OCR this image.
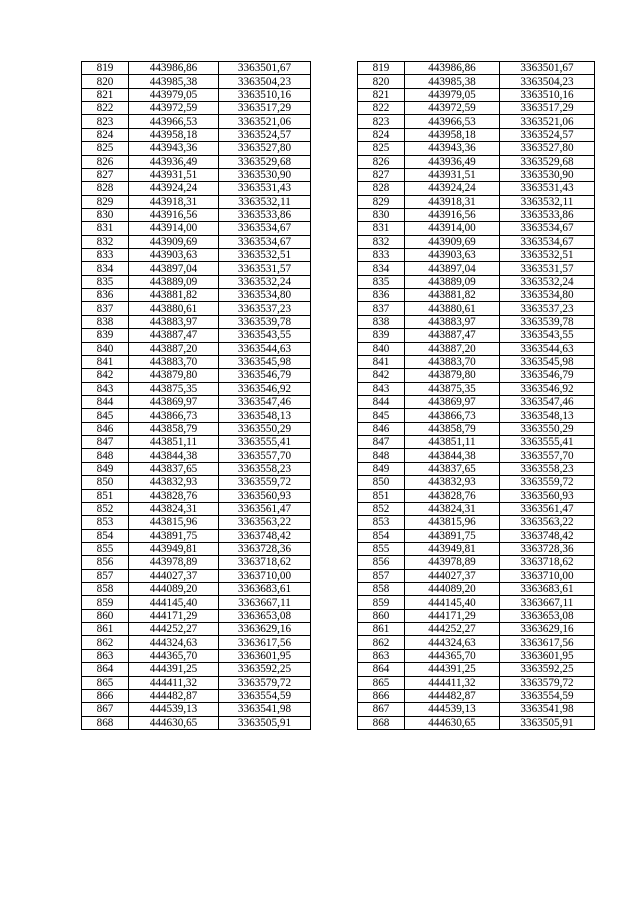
819	443986,86	3363501,67
820	443985,38	3363504,23
821	443979,05	3363510,16
822	443972,59	3363517,29
823	443966,53	3363521,06
824	443958,18	3363524,57
825	443943,36	3363527,80
826	443936,49	3363529,68
827	443931,51	3363530,90
828	443924,24	3363531,43
829	443918,31	3363532,11
830	443916,56	3363533,86
831	443914,00	3363534,67
832	443909,69	3363534,67
833	443903,63	3363532,51
834	443897,04	3363531,57
835	443889,09	3363532,24
836	443881,82	3363534,80
837	443880,61	3363537,23
838	443883,97	3363539,78
839	443887,47	3363543,55
840	443887,20	3363544,63
841	443883,70	3363545,98
842	443879,80	3363546,79
843	443875,35	3363546,92
844	443869,97	3363547,46
845	443866,73	3363548,13
846	443858,79	3363550,29
847	443851,11	3363555,41
848	443844,38	3363557,70
849	443837,65	3363558,23
850	443832,93	3363559,72
851	443828,76	3363560,93
852	443824,31	3363561,47
853	443815,96	3363563,22
854	443891,75	3363748,42
855	443949,81	3363728,36
856	443978,89	3363718,62
857	444027,37	3363710,00
858	444089,20	3363683,61
859	444145,40	3363667,11
860	444171,29	3363653,08
861	444252,27	3363629,16
862	444324,63	3363617,56
863	444365,70	3363601,95
864	444391,25	3363592,25
865	444411,32	3363579,72
866	444482,87	3363554,59
867	444539,13	3363541,98
868	444630,65	3363505,91
819	443986,86	3363501,67
820	443985,38	3363504,23
821	443979,05	3363510,16
822	443972,59	3363517,29
823	443966,53	3363521,06
824	443958,18	3363524,57
825	443943,36	3363527,80
826	443936,49	3363529,68
827	443931,51	3363530,90
828	443924,24	3363531,43
829	443918,31	3363532,11
830	443916,56	3363533,86
831	443914,00	3363534,67
832	443909,69	3363534,67
833	443903,63	3363532,51
834	443897,04	3363531,57
835	443889,09	3363532,24
836	443881,82	3363534,80
837	443880,61	3363537,23
838	443883,97	3363539,78
839	443887,47	3363543,55
840	443887,20	3363544,63
841	443883,70	3363545,98
842	443879,80	3363546,79
843	443875,35	3363546,92
844	443869,97	3363547,46
845	443866,73	3363548,13
846	443858,79	3363550,29
847	443851,11	3363555,41
848	443844,38	3363557,70
849	443837,65	3363558,23
850	443832,93	3363559,72
851	443828,76	3363560,93
852	443824,31	3363561,47
853	443815,96	3363563,22
854	443891,75	3363748,42
855	443949,81	3363728,36
856	443978,89	3363718,62
857	444027,37	3363710,00
858	444089,20	3363683,61
859	444145,40	3363667,11
860	444171,29	3363653,08
861	444252,27	3363629,16
862	444324,63	3363617,56
863	444365,70	3363601,95
864	444391,25	3363592,25
865	444411,32	3363579,72
866	444482,87	3363554,59
867	444539,13	3363541,98
868	444630,65	3363505,91
